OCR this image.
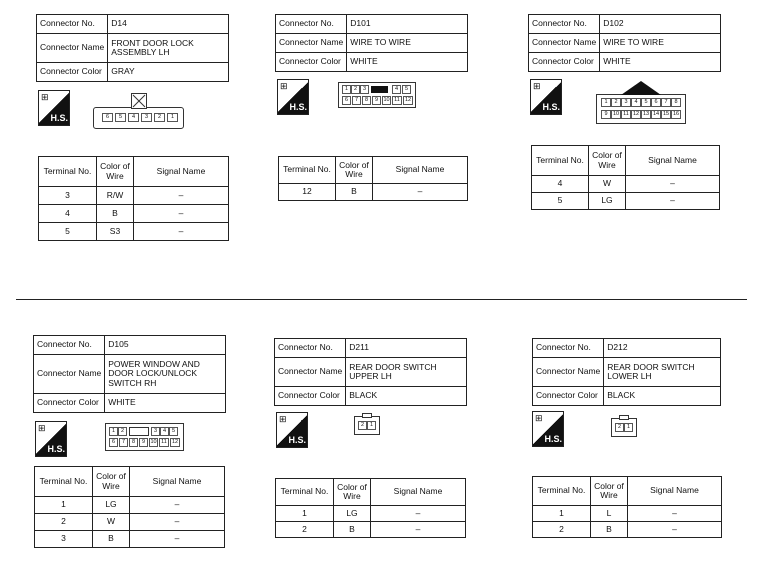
Connector No.	D14
Connector Name	FRONT DOOR LOCK ASSEMBLY LH
Connector Color	GRAY
⊞
H.S.	6	5	4	3	2	1
Terminal No.	Color of Wire	Signal Name
3	R/W	–
4	B	–
5	S3	–
Connector No.	D101
Connector Name	WIRE TO WIRE
Connector Color	WHITE
⊞
H.S.
1	2	3	4	5
6	7	8	9 10 11 12
Terminal No.	Color of Wire	Signal Name
12	B	–
Connector No.	D102
Connector Name	WIRE TO WIRE
Connector Color	WHITE
⊞
H.S.	1	2	3	4	5	6	7	8
9 10 11 12 13 14 15 16
Terminal No.	Color of Wire	Signal Name
4	W	–
5	LG	–
Connector No.	D105
Connector Name	POWER WINDOW AND DOOR LOCK/UNLOCK SWITCH RH
Connector Color	WHITE
⊞
H.S.
1	2	3	4	5
6	7	8	9 10 11 12
Terminal No.	Color of Wire	Signal Name
1	LG	–
2	W	–
3	B	–
Connector No.	D211
Connector Name	REAR DOOR SWITCH UPPER LH
Connector Color	BLACK
⊞
H.S.
2	1
Terminal No.	Color of Wire	Signal Name
1	LG	–
2	B	–
Connector No.	D212
Connector Name	REAR DOOR SWITCH LOWER LH
Connector Color	BLACK
⊞
H.S.
2	1
Terminal No.	Color of Wire	Signal Name
1	L	–
2	B	–
